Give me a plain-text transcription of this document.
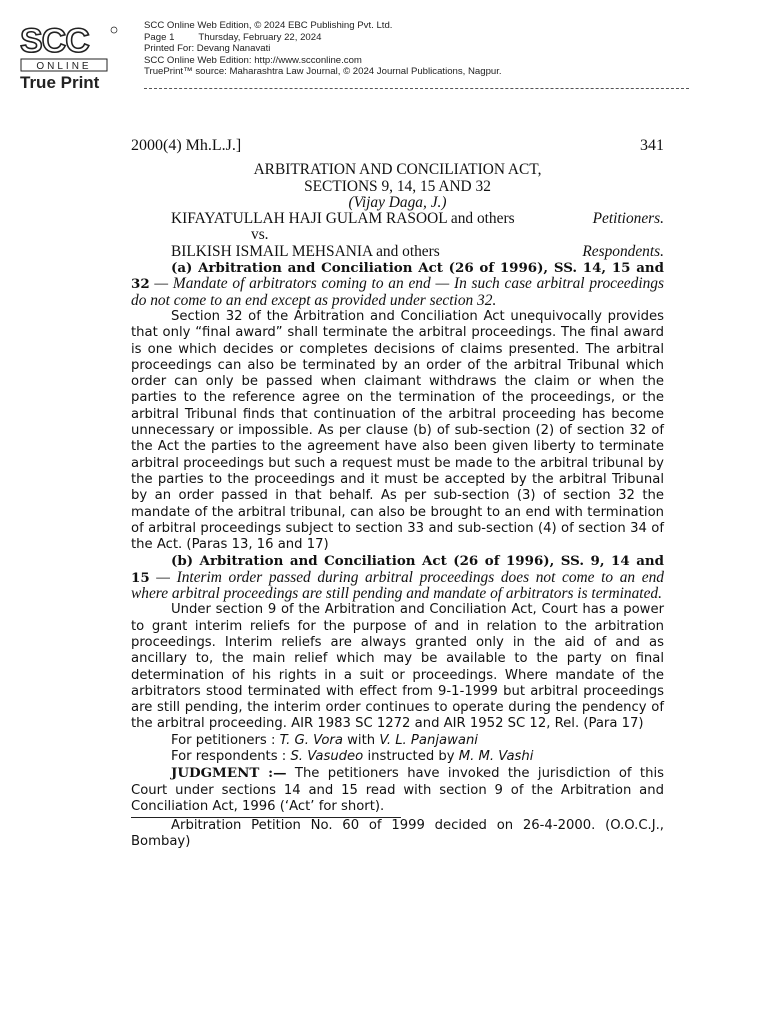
SCC
ONLINE
True Print
SCC Online Web Edition, © 2024 EBC Publishing Pvt. Ltd.
Page 1	Thursday, February 22, 2024
Printed For: Devang Nanavati
SCC Online Web Edition: http://www.scconline.com
TruePrint™ source: Maharashtra Law Journal, © 2024 Journal Publications, Nagpur.
2000(4) Mh.L.J.]	341
ARBITRATION AND CONCILIATION ACT,
SECTIONS 9, 14, 15 AND 32
(Vijay Daga, J.)
KIFAYATULLAH HAJI GULAM RASOOL and others	Petitioners.
vs.
BILKISH ISMAIL MEHSANIA and others	Respondents.
(a) Arbitration and Conciliation Act (26 of 1996), SS. 14, 15 and 32 — Mandate of arbitrators coming to an end — In such case arbitral proceedings do not come to an end except as provided under section 32.
Section 32 of the Arbitration and Conciliation Act unequivocally provides that only “final award” shall terminate the arbitral proceedings. The final award is one which decides or completes decisions of claims presented. The arbitral proceedings can also be terminated by an order of the arbitral Tribunal which order can only be passed when claimant withdraws the claim or when the parties to the reference agree on the termination of the proceedings, or the arbitral Tribunal finds that continuation of the arbitral proceeding has become unnecessary or impossible. As per clause (b) of sub-section (2) of section 32 of the Act the parties to the agreement have also been given liberty to terminate arbitral proceedings but such a request must be made to the arbitral tribunal by the parties to the proceedings and it must be accepted by the arbitral Tribunal by an order passed in that behalf. As per sub-section (3) of section 32 the mandate of the arbitral tribunal, can also be brought to an end with termination of arbitral proceedings subject to section 33 and sub-section (4) of section 34 of the Act. (Paras 13, 16 and 17)
(b) Arbitration and Conciliation Act (26 of 1996), SS. 9, 14 and 15 — Interim order passed during arbitral proceedings does not come to an end where arbitral proceedings are still pending and mandate of arbitrators is terminated.
Under section 9 of the Arbitration and Conciliation Act, Court has a power to grant interim reliefs for the purpose of and in relation to the arbitration proceedings. Interim reliefs are always granted only in the aid of and as ancillary to, the main relief which may be available to the party on final determination of his rights in a suit or proceedings. Where mandate of the arbitrators stood terminated with effect from 9-1-1999 but arbitral proceedings are still pending, the interim order continues to operate during the pendency of the arbitral proceeding. AIR 1983 SC 1272 and AIR 1952 SC 12, Rel. (Para 17)
For petitioners : T. G. Vora with V. L. Panjawani
For respondents : S. Vasudeo instructed by M. M. Vashi
JUDGMENT :— The petitioners have invoked the jurisdiction of this Court under sections 14 and 15 read with section 9 of the Arbitration and Conciliation Act, 1996 (‘Act’ for short).
Arbitration Petition No. 60 of 1999 decided on 26-4-2000. (O.O.C.J., Bombay)
